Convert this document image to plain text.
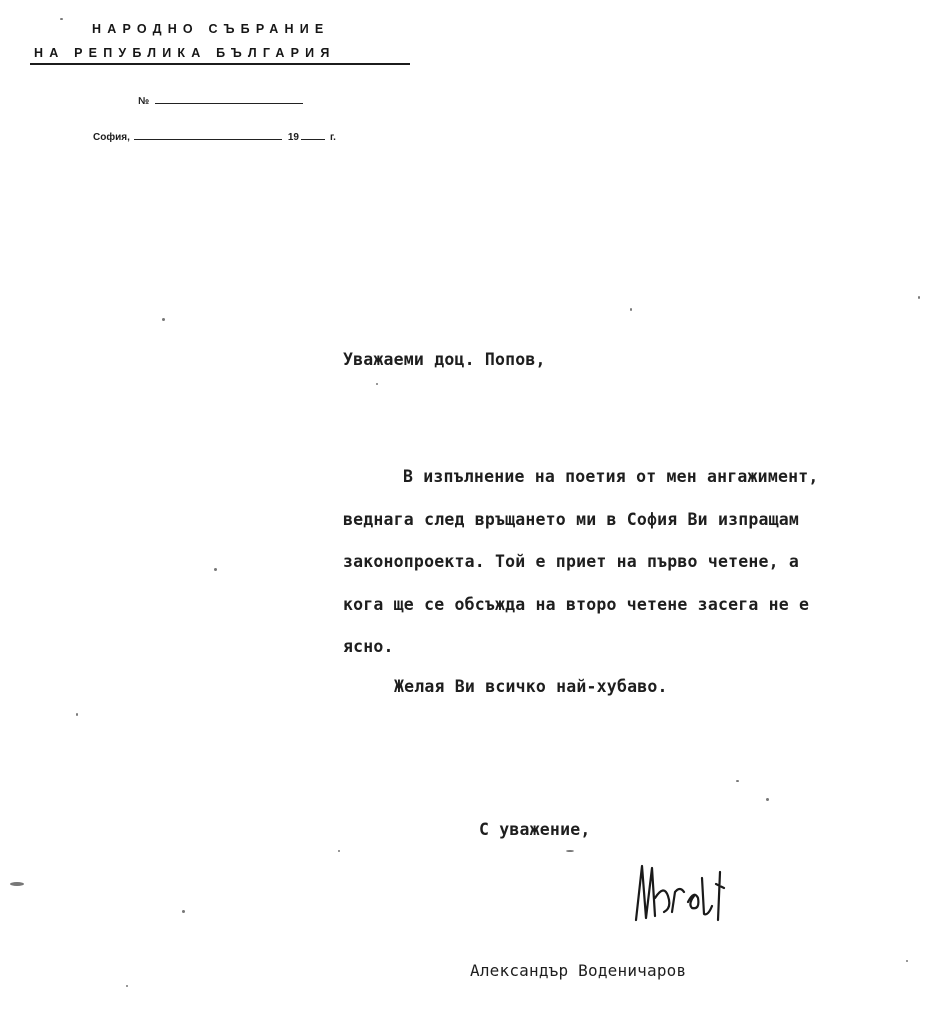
НАРОДНО СЪБРАНИЕ
НА РЕПУБЛИКА БЪЛГАРИЯ
№
София,	19	г.
Уважаеми доц. Попов,
В изпълнение на поетия от мен ангажимент,
веднага след връщането ми в София Ви изпращам
законопроекта. Той е приет на първо четене, а
кога ще се обсъжда на второ четене засега не е
ясно.
Желая Ви всичко най-хубаво.
С уважение,
Александър Воденичаров
